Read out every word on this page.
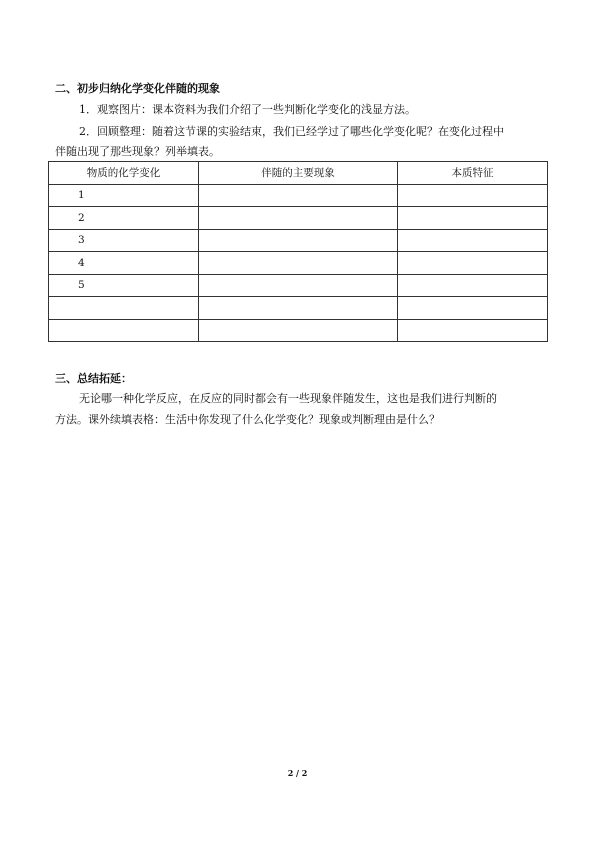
二、初步归纳化学变化伴随的现象
1．观察图片：课本资料为我们介绍了一些判断化学变化的浅显方法。
2．回顾整理：随着这节课的实验结束，我们已经学过了哪些化学变化呢？在变化过程中
伴随出现了那些现象？列举填表。
物质的化学变化	伴随的主要现象	本质特征
1		
2		
3		
4		
5		

三、总结拓延：
无论哪一种化学反应，在反应的同时都会有一些现象伴随发生，这也是我们进行判断的
方法。课外续填表格：生活中你发现了什么化学变化？现象或判断理由是什么？
2 / 2
